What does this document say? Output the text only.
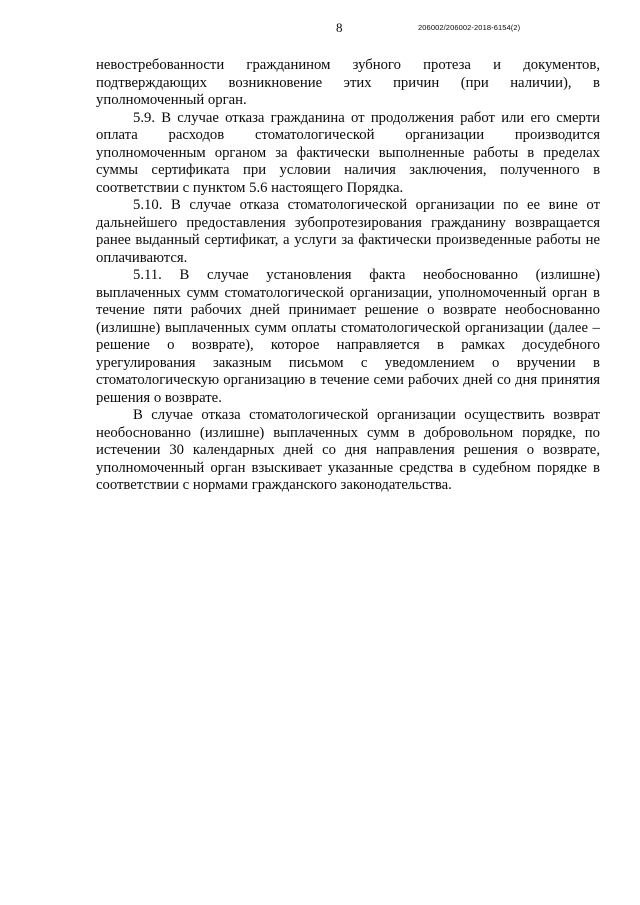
8	206002/206002-2018-6154(2)

невостребованности гражданином зубного протеза и документов, подтверждающих возникновение этих причин (при наличии), в уполномоченный орган.

5.9. В случае отказа гражданина от продолжения работ или его смерти оплата расходов стоматологической организации производится уполномоченным органом за фактически выполненные работы в пределах суммы сертификата при условии наличия заключения, полученного в соответствии с пунктом 5.6 настоящего Порядка.

5.10. В случае отказа стоматологической организации по ее вине от дальнейшего предоставления зубопротезирования гражданину возвращается ранее выданный сертификат, а услуги за фактически произведенные работы не оплачиваются.

5.11. В случае установления факта необоснованно (излишне) выплаченных сумм стоматологической организации, уполномоченный орган в течение пяти рабочих дней принимает решение о возврате необоснованно (излишне) выплаченных сумм оплаты стоматологической организации (далее – решение о возврате), которое направляется в рамках досудебного урегулирования заказным письмом с уведомлением о вручении в стоматологическую организацию в течение семи рабочих дней со дня принятия решения о возврате.

В случае отказа стоматологической организации осуществить возврат необоснованно (излишне) выплаченных сумм в добровольном порядке, по истечении 30 календарных дней со дня направления решения о возврате, уполномоченный орган взыскивает указанные средства в судебном порядке в соответствии с нормами гражданского законодательства.
